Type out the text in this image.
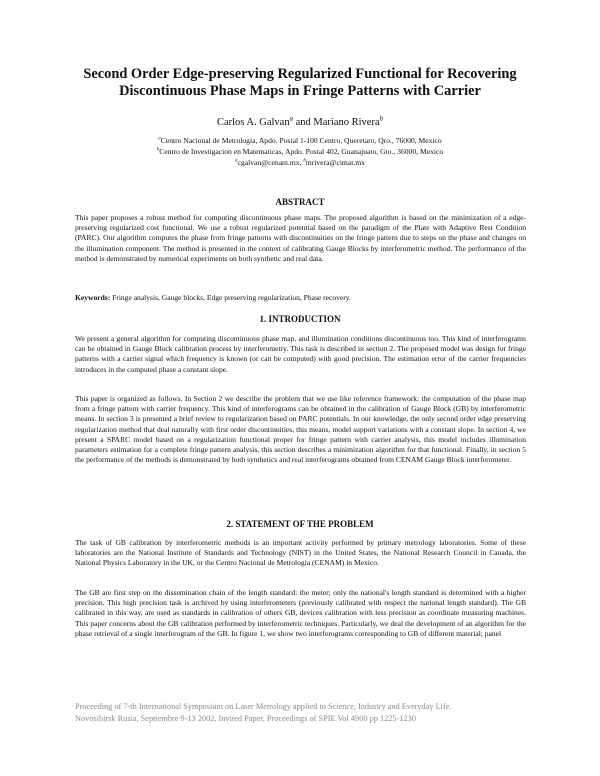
Second Order Edge-preserving Regularized Functional for Recovering
Discontinuous Phase Maps in Fringe Patterns with Carrier
Carlos A. Galvan$^a$ and Mariano Rivera$^b$
$^a$Centro Nacional de Metrologia, Apdo. Postal 1-100 Centro, Queretaro, Qro., 76000, Mexico
$^b$Centro de Investigacion en Matematicas, Apdo. Postal 402, Guanajuato, Gto., 36000, Mexico
$^a$cgalvan@cenam.mx, $^b$mrivera@cimat.mx
ABSTRACT

This paper proposes a robust method for computing discontinuous phase maps. The proposed algorithm is based on the minimization of a edge-preserving regularized cost functional. We use a robust regularized potential based on the paradigm of the Plate with Adaptive Rest Condition (PARC). Our algorithm computes the phase from fringe patterns with discontinuities on the fringe pattern due to steps on the phase and changes on the illumination component. The method is presented in the context of calibrating Gauge Blocks by interferometric method. The performance of the method is demonstrated by numerical experiments on both synthetic and real data.

Keywords: Fringe analysis, Gauge blocks, Edge preserving regularization, Phase recovery.

1. INTRODUCTION

We present a general algorithm for computing discontinuous phase map, and illumination conditions discontinuous too. This kind of interferograms can be obtained in Gauge Block calibration process by interferometry. This task is described in section 2. The proposed model was design for fringe patterns with a carrier signal which frequency is known (or can be computed) with good precision. The estimation error of the carrier frequencies introduces in the computed phase a constant slope.

This paper is organized as follows. In Section 2 we describe the problem that we use like reference framework: the computation of the phase map from a fringe pattern with carrier frequency. This kind of interferograms can be obtained in the calibration of Gauge Block (GB) by interferometric means. In section 3 is presented a brief review to regularization based on PARC potentials. In our knowledge, the only second order edge preserving regularization method that deal naturally with first order discontinuities, this means, model support variations with a constant slope. In section 4, we present a SPARC model based on a regularization functional proper for fringe pattern with carrier analysis, this model includes illumination parameters estimation for a complete fringe pattern analysis, this section describes a minimization algorithm for that functional. Finally, in section 5 the performance of the methods is demonstrated by both synthetics and real interferograms obtained from CENAM Gauge Block interferometer.

2. STATEMENT OF THE PROBLEM

The task of GB calibration by interferometric methods is an important activity performed by primary metrology laboratories. Some of these laboratories are the National Institute of Standards and Technology (NIST) in the United States, the National Research Council in Canada, the National Physics Laboratory in the UK, or the Centro Nacional de Metrologia (CENAM) in Mexico.

The GB are first step on the dissemination chain of the length standard: the meter; only the national's length standard is determined with a higher precision. This high precision task is archived by using interferometers (previously calibrated with respect the national length standard). The GB calibrated in this way, are used as standards in calibration of others GB, devices calibration with less precision as coordinate measuring machines. This paper concerns about the GB calibration performed by interferometric techniques. Particularly, we deal the development of an algorithm for the phase retrieval of a single interferogram of the GB. In figure 1, we show two interferograms corresponding to GB of different material; panel

Proceeding of 7-th International Symposium on Laser Metrology applied to Science, Industry and Everyday Life.
Novosibirsk Rusia, Septiembre 9-13 2002, Invited Paper, Proceedings of SPIE Vol 4900 pp 1225-1230
